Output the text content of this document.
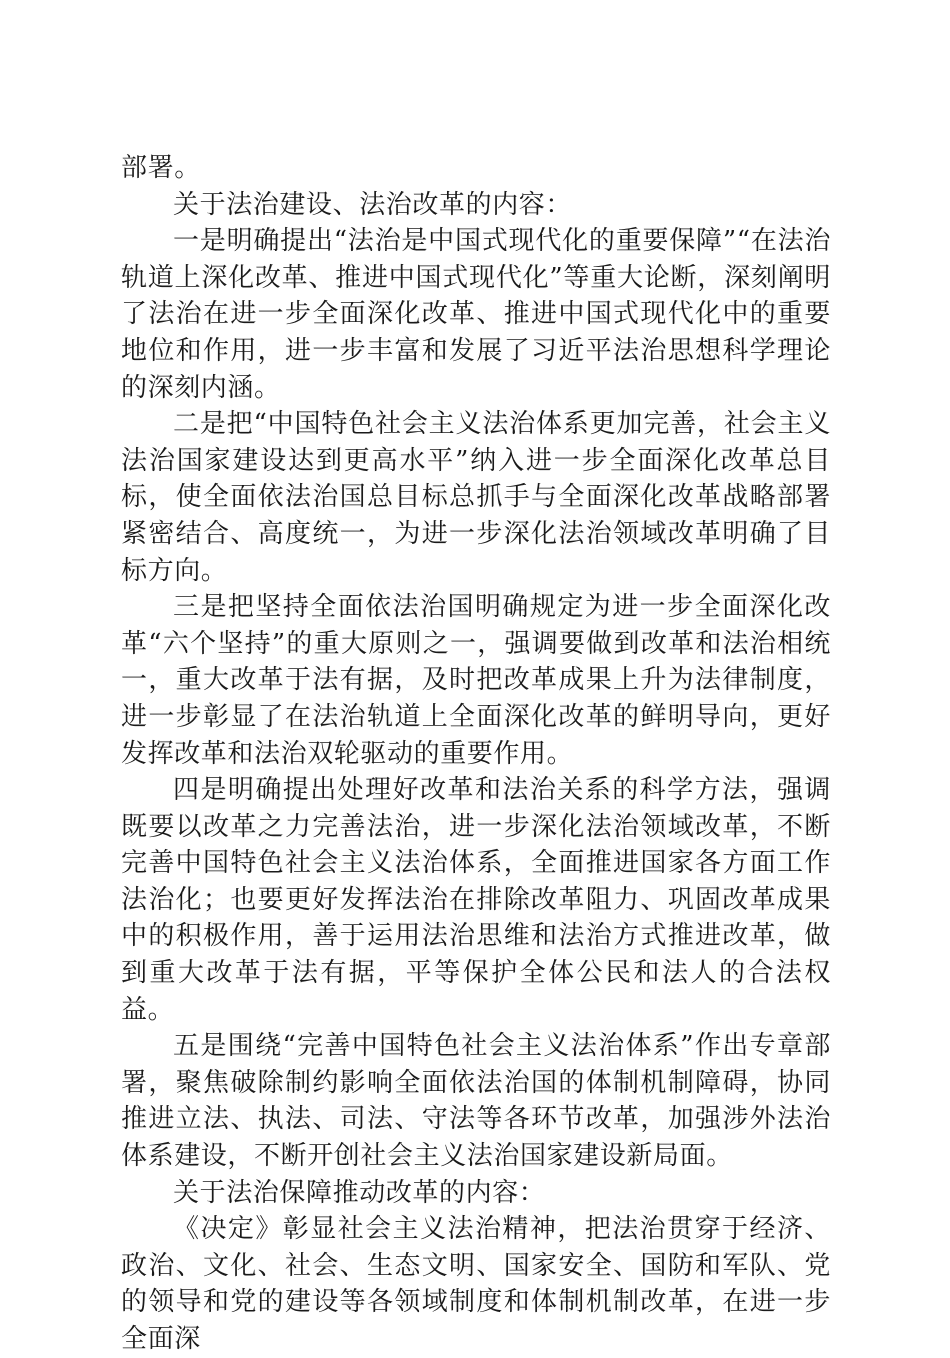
部署。

关于法治建设、法治改革的内容：

一是明确提出“法治是中国式现代化的重要保障”“在法治轨道上深化改革、推进中国式现代化”等重大论断，深刻阐明了法治在进一步全面深化改革、推进中国式现代化中的重要地位和作用，进一步丰富和发展了习近平法治思想科学理论的深刻内涵。

二是把“中国特色社会主义法治体系更加完善，社会主义法治国家建设达到更高水平”纳入进一步全面深化改革总目标，使全面依法治国总目标总抓手与全面深化改革战略部署紧密结合、高度统一，为进一步深化法治领域改革明确了目标方向。

三是把坚持全面依法治国明确规定为进一步全面深化改革“六个坚持”的重大原则之一，强调要做到改革和法治相统一，重大改革于法有据，及时把改革成果上升为法律制度，进一步彰显了在法治轨道上全面深化改革的鲜明导向，更好发挥改革和法治双轮驱动的重要作用。

四是明确提出处理好改革和法治关系的科学方法，强调既要以改革之力完善法治，进一步深化法治领域改革，不断完善中国特色社会主义法治体系，全面推进国家各方面工作法治化；也要更好发挥法治在排除改革阻力、巩固改革成果中的积极作用，善于运用法治思维和法治方式推进改革，做到重大改革于法有据，平等保护全体公民和法人的合法权益。

五是围绕“完善中国特色社会主义法治体系”作出专章部署，聚焦破除制约影响全面依法治国的体制机制障碍，协同推进立法、执法、司法、守法等各环节改革，加强涉外法治体系建设，不断开创社会主义法治国家建设新局面。

关于法治保障推动改革的内容：

《决定》彰显社会主义法治精神，把法治贯穿于经济、政治、文化、社会、生态文明、国家安全、国防和军队、党的领导和党的建设等各领域制度和体制机制改革，在进一步全面深
